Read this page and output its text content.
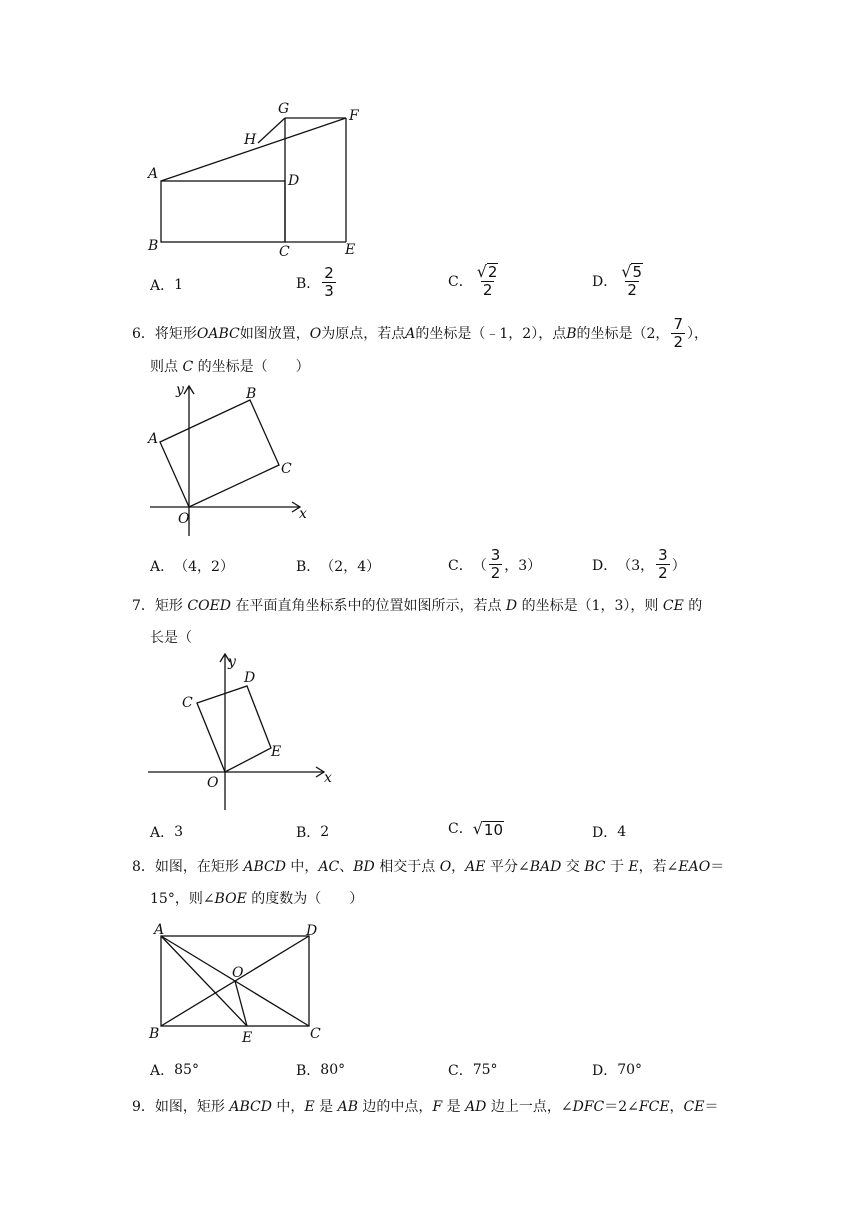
G	F
H
A	D
B	C	E
A． 1	B． $\frac{2}{3}$	C． $\frac{√ 2}{2}$	D． $\frac{√ 5}{2}$
6． 将矩形 OABC 如图放置， O 为原点，若点 A 的坐标是（﹣1，2），点 B 的坐标是（2， $\frac{7}{2}$ ），
则点 C 的坐标是（　　）
y	B
A
C
O	x
A． （4，2）	B． （2，4）	C． （ $\frac{3}{2}$ ，3）	D． （3， $\frac{3}{2}$ ）
7．矩形 COED 在平面直角坐标系中的位置如图所示，若点 D 的坐标是（1，3），则 CE 的
长是（
y
D
C
E
O	x
A． 3	B． 2	C． √ 10	D． 4
8．如图，在矩形 ABCD 中，AC、BD 相交于点 O，AE 平分∠BAD 交 BC 于 E，若∠EAO＝
15°，则∠BOE 的度数为（　　）
A	D
O
B	E	C
A． 85°	B． 80°	C． 75°	D． 70°
9．如图，矩形 ABCD 中，E 是 AB 边的中点，F 是 AD 边上一点，∠DFC＝2∠FCE，CE＝
